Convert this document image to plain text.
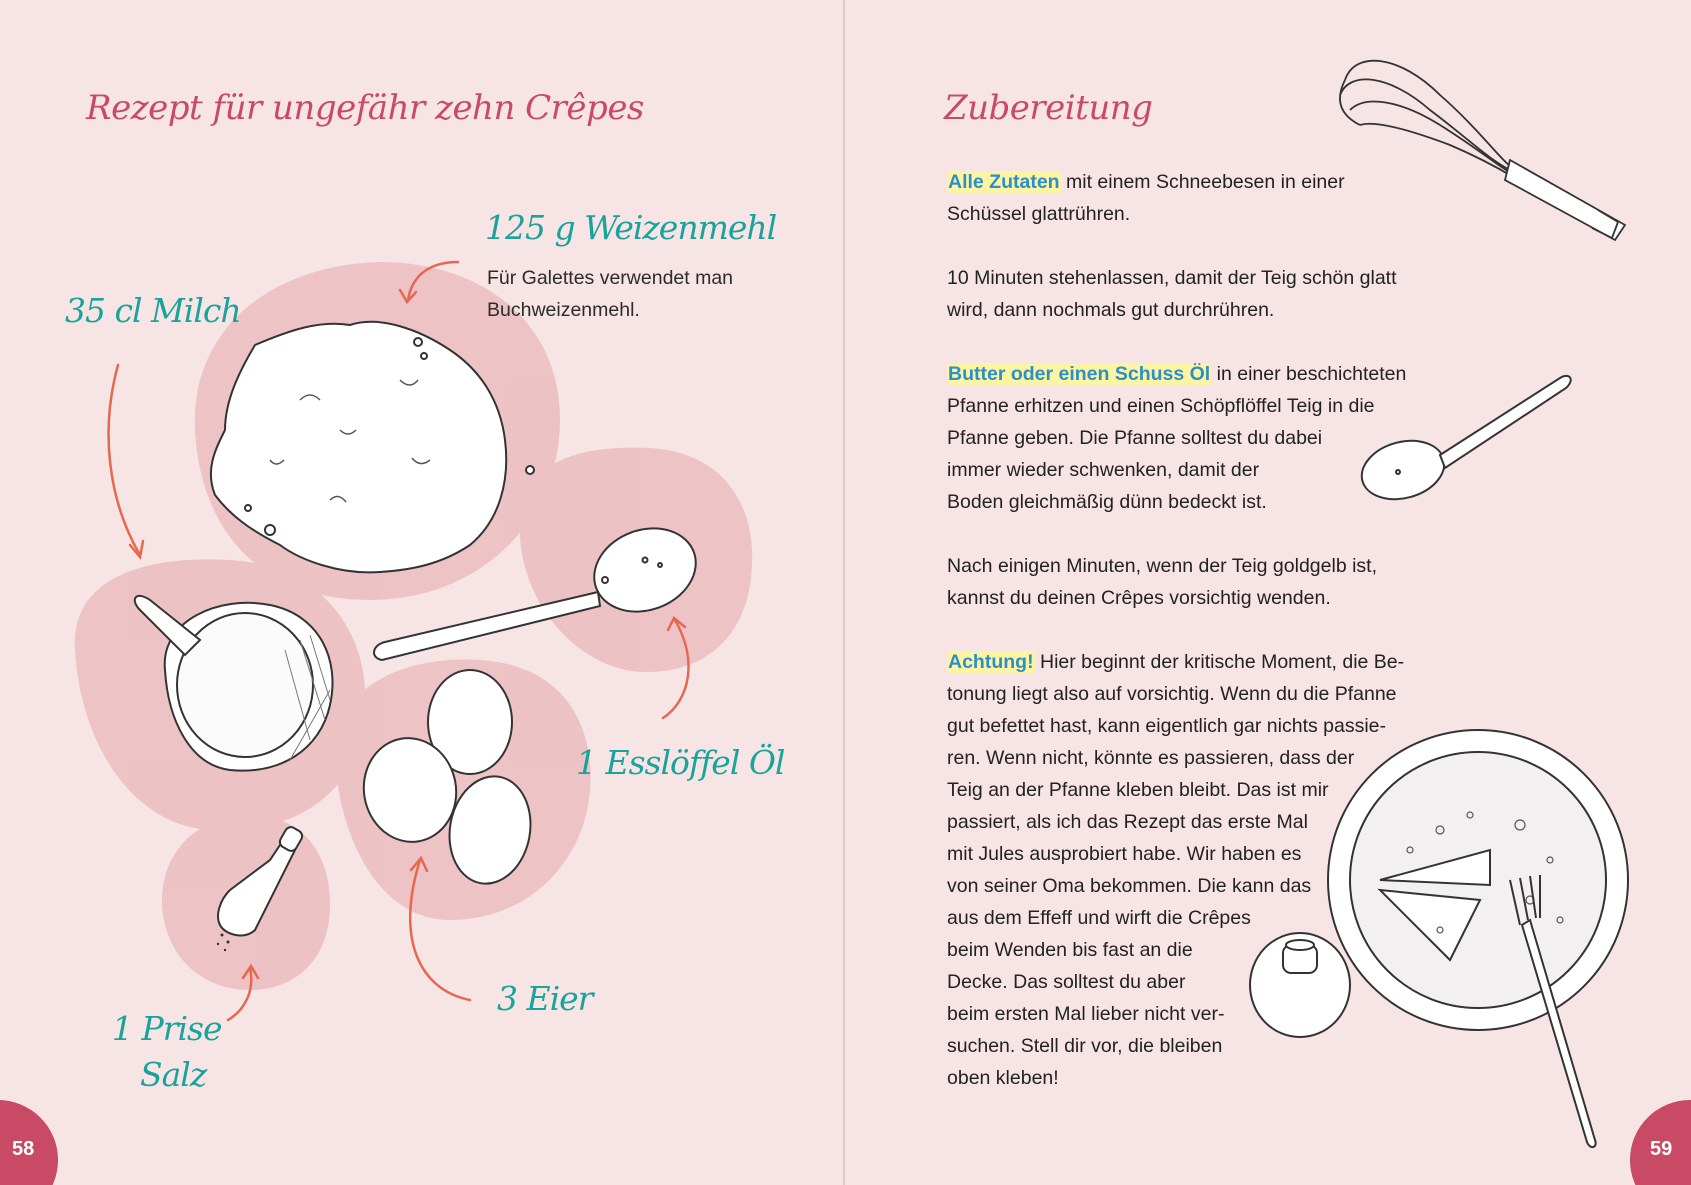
Rezept für ungefähr zehn Crêpes

125 g Weizenmehl

Für Galettes verwendet man

Buchweizenmehl.

35 cl Milch

1 Esslöffel Öl

3 Eier

1 Prise

Salz

58
Zubereitung

Alle Zutaten mit einem Schneebesen in einer

Schüssel glattrühren.

10 Minuten stehenlassen, damit der Teig schön glatt

wird, dann nochmals gut durchrühren.

Butter oder einen Schuss Öl in einer beschichteten

Pfanne erhitzen und einen Schöpflöffel Teig in die

Pfanne geben. Die Pfanne solltest du dabei

immer wieder schwenken, damit der

Boden gleichmäßig dünn bedeckt ist.

Nach einigen Minuten, wenn der Teig goldgelb ist,

kannst du deinen Crêpes vorsichtig wenden.

Achtung! Hier beginnt der kritische Moment, die Be-

tonung liegt also auf vorsichtig. Wenn du die Pfanne

gut befettet hast, kann eigentlich gar nichts passie-

ren. Wenn nicht, könnte es passieren, dass der

Teig an der Pfanne kleben bleibt. Das ist mir

passiert, als ich das Rezept das erste Mal

mit Jules ausprobiert habe. Wir haben es

von seiner Oma bekommen. Die kann das

aus dem Effeff und wirft die Crêpes

beim Wenden bis fast an die

Decke. Das solltest du aber

beim ersten Mal lieber nicht ver-

suchen. Stell dir vor, die bleiben

oben kleben!

59
